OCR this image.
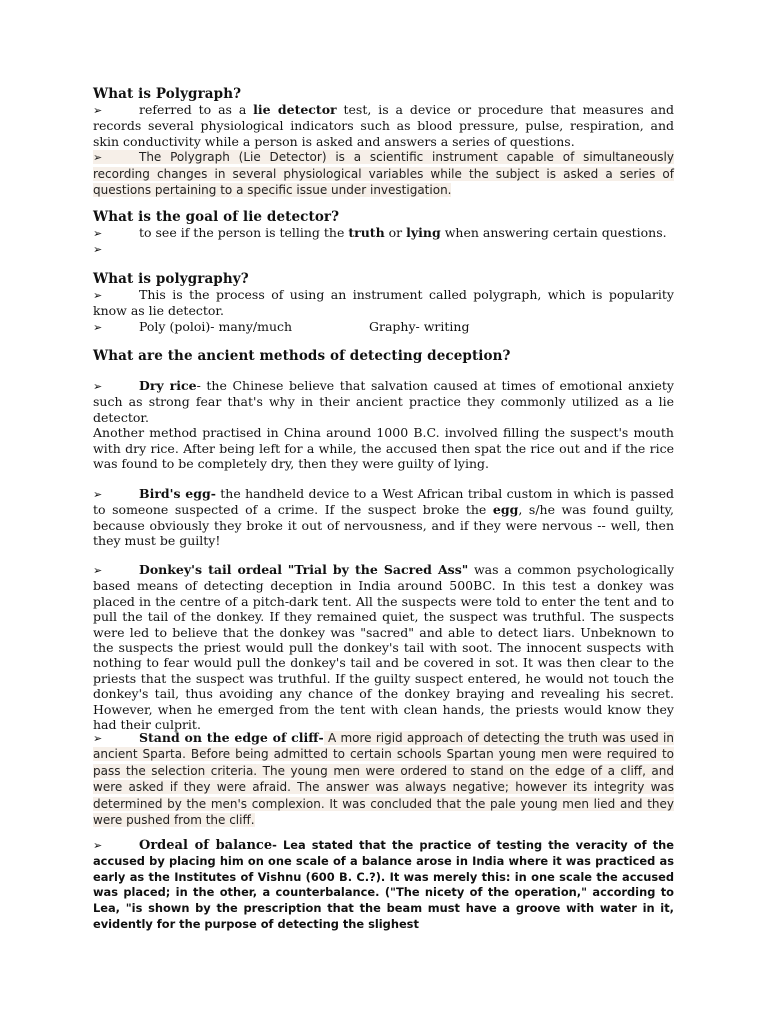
What is Polygraph?

➢	referred to as a lie detector test, is a device or procedure that measures and records several physiological indicators such as blood pressure, pulse, respiration, and skin conductivity while a person is asked and answers a series of questions.

➢	The Polygraph (Lie Detector) is a scientific instrument capable of simultaneously recording changes in several physiological variables while the subject is asked a series of questions pertaining to a specific issue under investigation.

What is the goal of lie detector?

➢	to see if the person is telling the truth or lying when answering certain questions.

➢

What is polygraphy?

➢	This is the process of using an instrument called polygraph, which is popularity know as lie detector.

➢	Poly (poloi)- many/much	Graphy- writing

What are the ancient methods of detecting deception?

➢	Dry rice- the Chinese believe that salvation caused at times of emotional anxiety such as strong fear that's why in their ancient practice they commonly utilized as a lie detector.

Another method practised in China around 1000 B.C. involved filling the suspect's mouth with dry rice. After being left for a while, the accused then spat the rice out and if the rice was found to be completely dry, then they were guilty of lying.

➢	Bird's egg- the handheld device to a West African tribal custom in which is passed to someone suspected of a crime. If the suspect broke the egg, s/he was found guilty, because obviously they broke it out of nervousness, and if they were nervous -- well, then they must be guilty!

➢	Donkey's tail ordeal "Trial by the Sacred Ass" was a common psychologically based means of detecting deception in India around 500BC. In this test a donkey was placed in the centre of a pitch-dark tent. All the suspects were told to enter the tent and to pull the tail of the donkey. If they remained quiet, the suspect was truthful. The suspects were led to believe that the donkey was "sacred" and able to detect liars. Unbeknown to the suspects the priest would pull the donkey's tail with soot. The innocent suspects with nothing to fear would pull the donkey's tail and be covered in sot. It was then clear to the priests that the suspect was truthful. If the guilty suspect entered, he would not touch the donkey's tail, thus avoiding any chance of the donkey braying and revealing his secret. However, when he emerged from the tent with clean hands, the priests would know they had their culprit.

➢	Stand on the edge of cliff- A more rigid approach of detecting the truth was used in ancient Sparta. Before being admitted to certain schools Spartan young men were required to pass the selection criteria. The young men were ordered to stand on the edge of a cliff, and were asked if they were afraid. The answer was always negative; however its integrity was determined by the men's complexion. It was concluded that the pale young men lied and they were pushed from the cliff.

➢	Ordeal of balance- Lea stated that the practice of testing the veracity of the accused by placing him on one scale of a balance arose in India where it was practiced as early as the Institutes of Vishnu (600 B. C.?). It was merely this: in one scale the accused was placed; in the other, a counterbalance. ("The nicety of the operation," according to Lea, "is shown by the prescription that the beam must have a groove with water in it, evidently for the purpose of detecting the slighest
